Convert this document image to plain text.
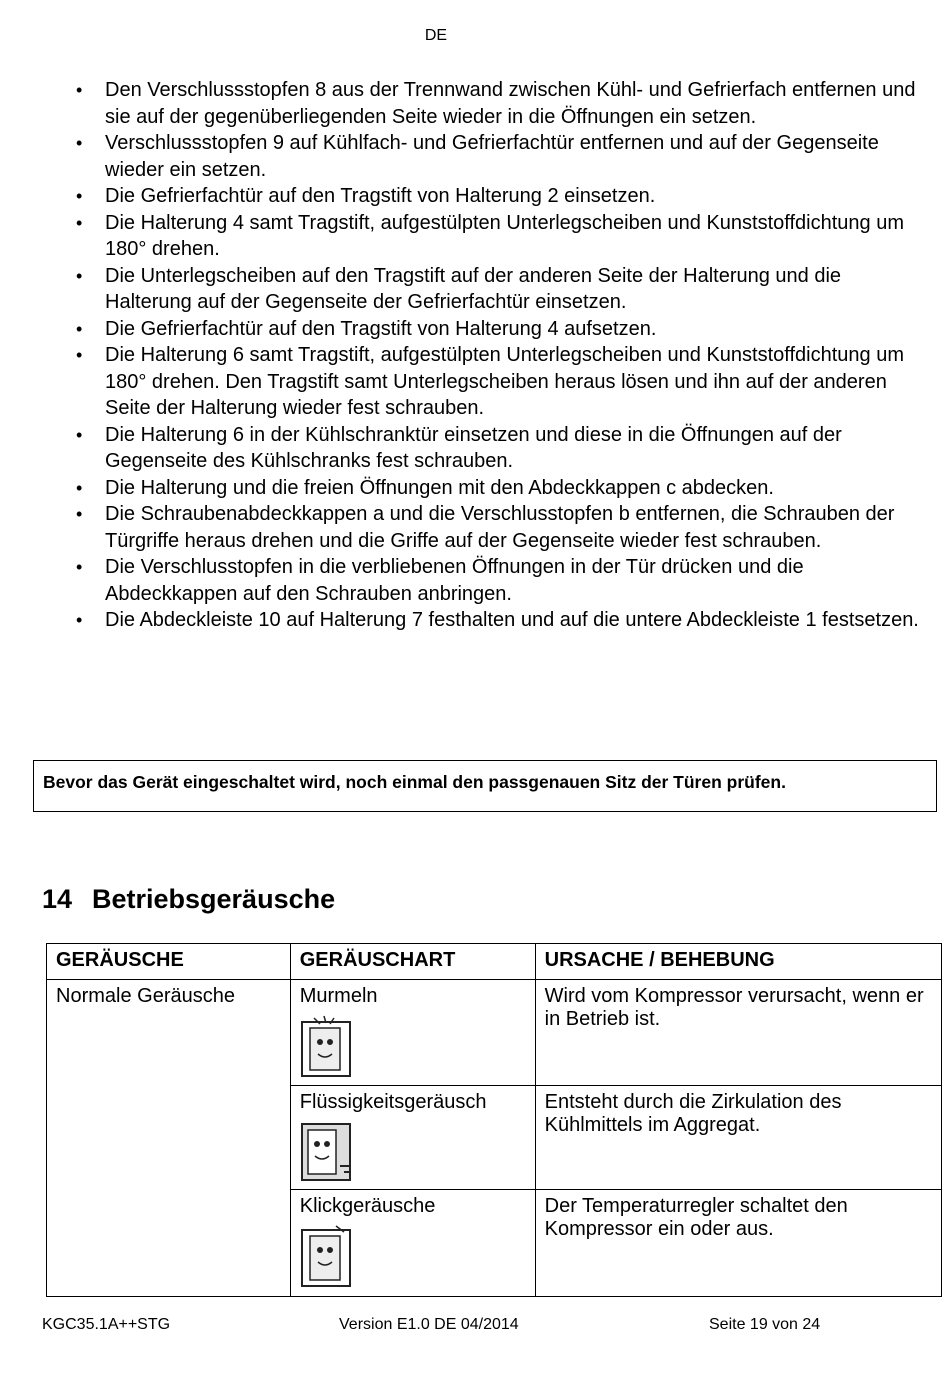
DE
• Den Verschlussstopfen 8 aus der Trennwand zwischen Kühl- und Gefrierfach entfernen und sie auf der gegenüberliegenden Seite wieder in die Öffnungen ein setzen.
• Verschlussstopfen 9 auf Kühlfach- und Gefrierfachtür entfernen und auf der Gegenseite wieder ein setzen.
• Die Gefrierfachtür auf den Tragstift von Halterung 2 einsetzen.
• Die Halterung 4 samt Tragstift, aufgestülpten Unterlegscheiben und Kunststoffdichtung um 180° drehen.
• Die Unterlegscheiben auf den Tragstift auf der anderen Seite der Halterung und die Halterung auf der Gegenseite der Gefrierfachtür einsetzen.
• Die Gefrierfachtür auf den Tragstift von Halterung 4 aufsetzen.
• Die Halterung 6 samt Tragstift, aufgestülpten Unterlegscheiben und Kunststoffdichtung um 180° drehen. Den Tragstift samt Unterlegscheiben heraus lösen und ihn auf der anderen Seite der Halterung wieder fest schrauben.
• Die Halterung 6 in der Kühlschranktür einsetzen und diese in die Öffnungen auf der Gegenseite des Kühlschranks fest schrauben.
• Die Halterung und die freien Öffnungen mit den Abdeckkappen c abdecken.
• Die Schraubenabdeckkappen a und die Verschlusstopfen b entfernen, die Schrauben der Türgriffe heraus drehen und die Griffe auf der Gegenseite wieder fest schrauben.
• Die Verschlusstopfen in die verbliebenen Öffnungen in der Tür drücken und die Abdeckkappen auf den Schrauben anbringen.
• Die Abdeckleiste 10 auf Halterung 7 festhalten und auf die untere Abdeckleiste 1 festsetzen.
Bevor das Gerät eingeschaltet wird, noch einmal den passgenauen Sitz der Türen prüfen.
14 Betriebsgeräusche
GERÄUSCHE	GERÄUSCHART	URSACHE / BEHEBUNG
Normale Geräusche	Murmeln	Wird vom Kompressor verursacht, wenn er in Betrieb ist.
	Flüssigkeitsgeräusch	Entsteht durch die Zirkulation des Kühlmittels im Aggregat.
	Klickgeräusche	Der Temperaturregler schaltet den Kompressor ein oder aus.
KGC35.1A++STG	Version E1.0 DE 04/2014	Seite 19 von 24
